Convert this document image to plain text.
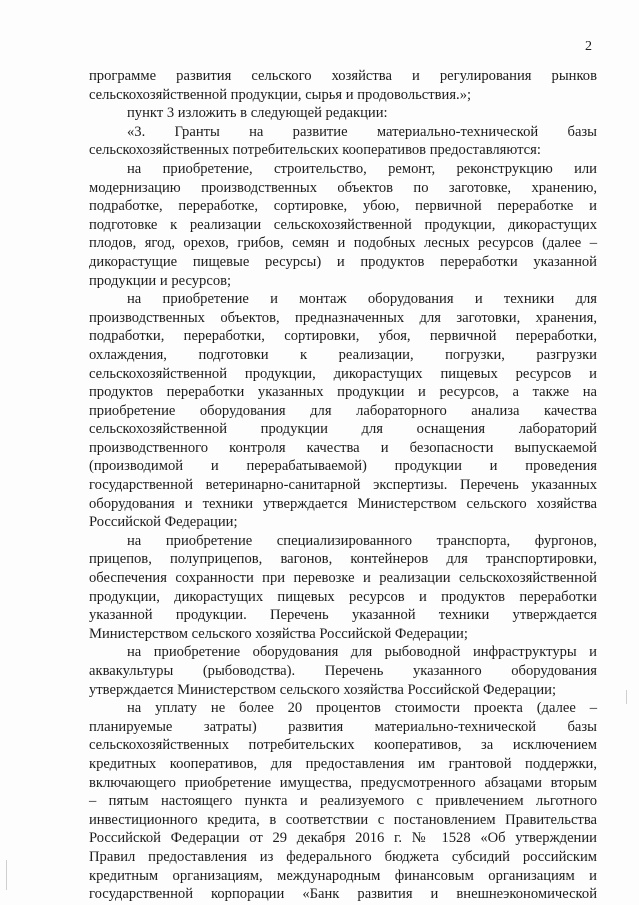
2
программе развития сельского хозяйства и регулирования рынков
сельскохозяйственной продукции, сырья и продовольствия.»;
пункт 3 изложить в следующей редакции:
«3. Гранты на развитие материально-технической базы
сельскохозяйственных потребительских кооперативов предоставляются:
на приобретение, строительство, ремонт, реконструкцию или
модернизацию производственных объектов по заготовке, хранению,
подработке, переработке, сортировке, убою, первичной переработке и
подготовке к реализации сельскохозяйственной продукции, дикорастущих
плодов, ягод, орехов, грибов, семян и подобных лесных ресурсов (далее –
дикорастущие пищевые ресурсы) и продуктов переработки указанной
продукции и ресурсов;
на приобретение и монтаж оборудования и техники для
производственных объектов, предназначенных для заготовки, хранения,
подработки, переработки, сортировки, убоя, первичной переработки,
охлаждения, подготовки к реализации, погрузки, разгрузки
сельскохозяйственной продукции, дикорастущих пищевых ресурсов и
продуктов переработки указанных продукции и ресурсов, а также на
приобретение оборудования для лабораторного анализа качества
сельскохозяйственной продукции для оснащения лабораторий
производственного контроля качества и безопасности выпускаемой
(производимой и перерабатываемой) продукции и проведения
государственной ветеринарно-санитарной экспертизы. Перечень указанных
оборудования и техники утверждается Министерством сельского хозяйства
Российской Федерации;
на приобретение специализированного транспорта, фургонов,
прицепов, полуприцепов, вагонов, контейнеров для транспортировки,
обеспечения сохранности при перевозке и реализации сельскохозяйственной
продукции, дикорастущих пищевых ресурсов и продуктов переработки
указанной продукции. Перечень указанной техники утверждается
Министерством сельского хозяйства Российской Федерации;
на приобретение оборудования для рыбоводной инфраструктуры и
аквакультуры (рыбоводства). Перечень указанного оборудования
утверждается Министерством сельского хозяйства Российской Федерации;
на уплату не более 20 процентов стоимости проекта (далее –
планируемые затраты) развития материально-технической базы
сельскохозяйственных потребительских кооперативов, за исключением
кредитных кооперативов, для предоставления им грантовой поддержки,
включающего приобретение имущества, предусмотренного абзацами вторым
– пятым настоящего пункта и реализуемого с привлечением льготного
инвестиционного кредита, в соответствии с постановлением Правительства
Российской Федерации от 29 декабря 2016 г. № 1528 «Об утверждении
Правил предоставления из федерального бюджета субсидий российским
кредитным организациям, международным финансовым организациям и
государственной корпорации «Банк развития и внешнеэкономической
